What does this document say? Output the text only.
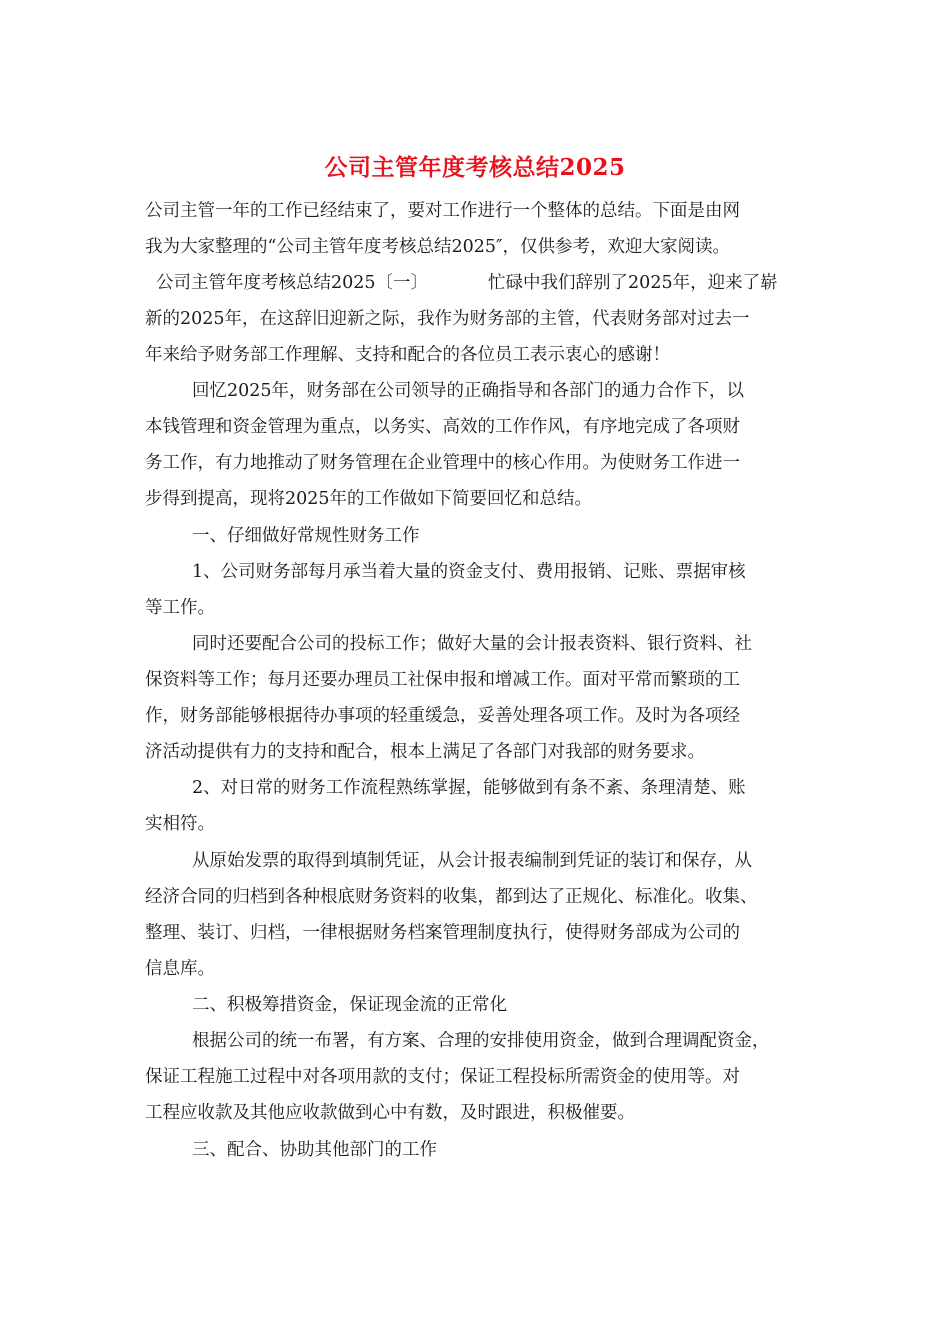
公司主管年度考核总结2025
公司主管一年的工作已经结束了，要对工作进行一个整体的总结。下面是由网
我为大家整理的“公司主管年度考核总结2025″，仅供参考，欢迎大家阅读。
公司主管年度考核总结2025〔一〕	忙碌中我们辞别了2025年，迎来了崭
新的2025年，在这辞旧迎新之际，我作为财务部的主管，代表财务部对过去一
年来给予财务部工作理解、支持和配合的各位员工表示衷心的感谢！
回忆2025年，财务部在公司领导的正确指导和各部门的通力合作下，以
本钱管理和资金管理为重点，以务实、高效的工作作风，有序地完成了各项财
务工作，有力地推动了财务管理在企业管理中的核心作用。为使财务工作进一
步得到提高，现将2025年的工作做如下简要回忆和总结。
一、仔细做好常规性财务工作
1、公司财务部每月承当着大量的资金支付、费用报销、记账、票据审核
等工作。
同时还要配合公司的投标工作；做好大量的会计报表资料、银行资料、社
保资料等工作；每月还要办理员工社保申报和增减工作。面对平常而繁琐的工
作，财务部能够根据待办事项的轻重缓急，妥善处理各项工作。及时为各项经
济活动提供有力的支持和配合，根本上满足了各部门对我部的财务要求。
2、对日常的财务工作流程熟练掌握，能够做到有条不紊、条理清楚、账
实相符。
从原始发票的取得到填制凭证，从会计报表编制到凭证的装订和保存，从
经济合同的归档到各种根底财务资料的收集，都到达了正规化、标准化。收集、
整理、装订、归档，一律根据财务档案管理制度执行，使得财务部成为公司的
信息库。
二、积极筹措资金，保证现金流的正常化
根据公司的统一布署，有方案、合理的安排使用资金，做到合理调配资金，
保证工程施工过程中对各项用款的支付；保证工程投标所需资金的使用等。对
工程应收款及其他应收款做到心中有数，及时跟进，积极催要。
三、配合、协助其他部门的工作
